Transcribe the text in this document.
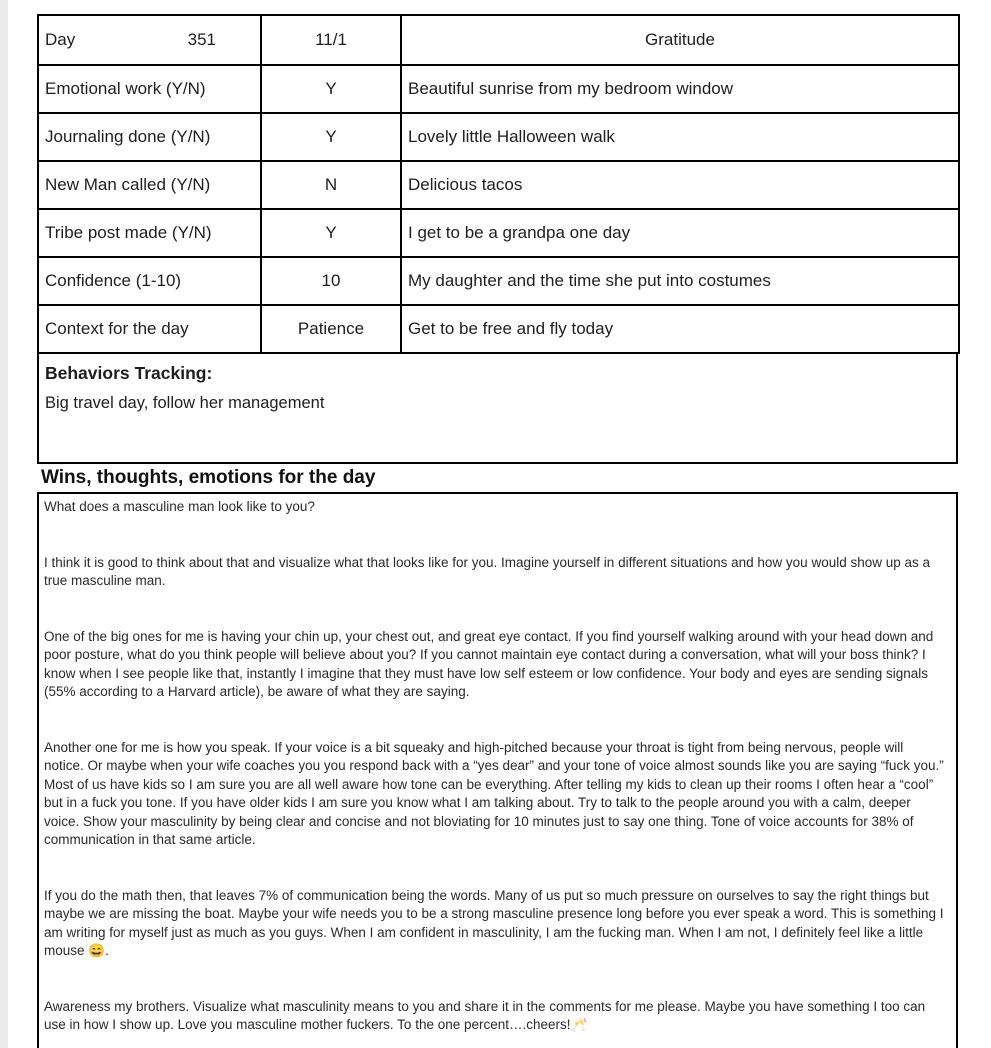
Day 351	11/1	Gratitude
Emotional work (Y/N)	Y	Beautiful sunrise from my bedroom window
Journaling done (Y/N)	Y	Lovely little Halloween walk
New Man called (Y/N)	N	Delicious tacos
Tribe post made (Y/N)	Y	I get to be a grandpa one day
Confidence (1-10)	10	My daughter and the time she put into costumes
Context for the day	Patience	Get to be free and fly today
Behaviors Tracking:
Big travel day, follow her management
Wins, thoughts, emotions for the day

What does a masculine man look like to you?

I think it is good to think about that and visualize what that looks like for you. Imagine yourself in different situations and how you would show up as a true masculine man.

One of the big ones for me is having your chin up, your chest out, and great eye contact. If you find yourself walking around with your head down and poor posture, what do you think people will believe about you? If you cannot maintain eye contact during a conversation, what will your boss think? I know when I see people like that, instantly I imagine that they must have low self esteem or low confidence. Your body and eyes are sending signals (55% according to a Harvard article), be aware of what they are saying.

Another one for me is how you speak. If your voice is a bit squeaky and high-pitched because your throat is tight from being nervous, people will notice. Or maybe when your wife coaches you you respond back with a “yes dear” and your tone of voice almost sounds like you are saying “fuck you.” Most of us have kids so I am sure you are all well aware how tone can be everything. After telling my kids to clean up their rooms I often hear a “cool” but in a fuck you tone. If you have older kids I am sure you know what I am talking about. Try to talk to the people around you with a calm, deeper voice. Show your masculinity by being clear and concise and not bloviating for 10 minutes just to say one thing. Tone of voice accounts for 38% of communication in that same article.

If you do the math then, that leaves 7% of communication being the words. Many of us put so much pressure on ourselves to say the right things but maybe we are missing the boat. Maybe your wife needs you to be a strong masculine presence long before you ever speak a word. This is something I am writing for myself just as much as you guys. When I am confident in masculinity, I am the fucking man. When I am not, I definitely feel like a little mouse 😄.

Awareness my brothers. Visualize what masculinity means to you and share it in the comments for me please. Maybe you have something I too can use in how I show up. Love you masculine mother fuckers. To the one percent….cheers!🥂
